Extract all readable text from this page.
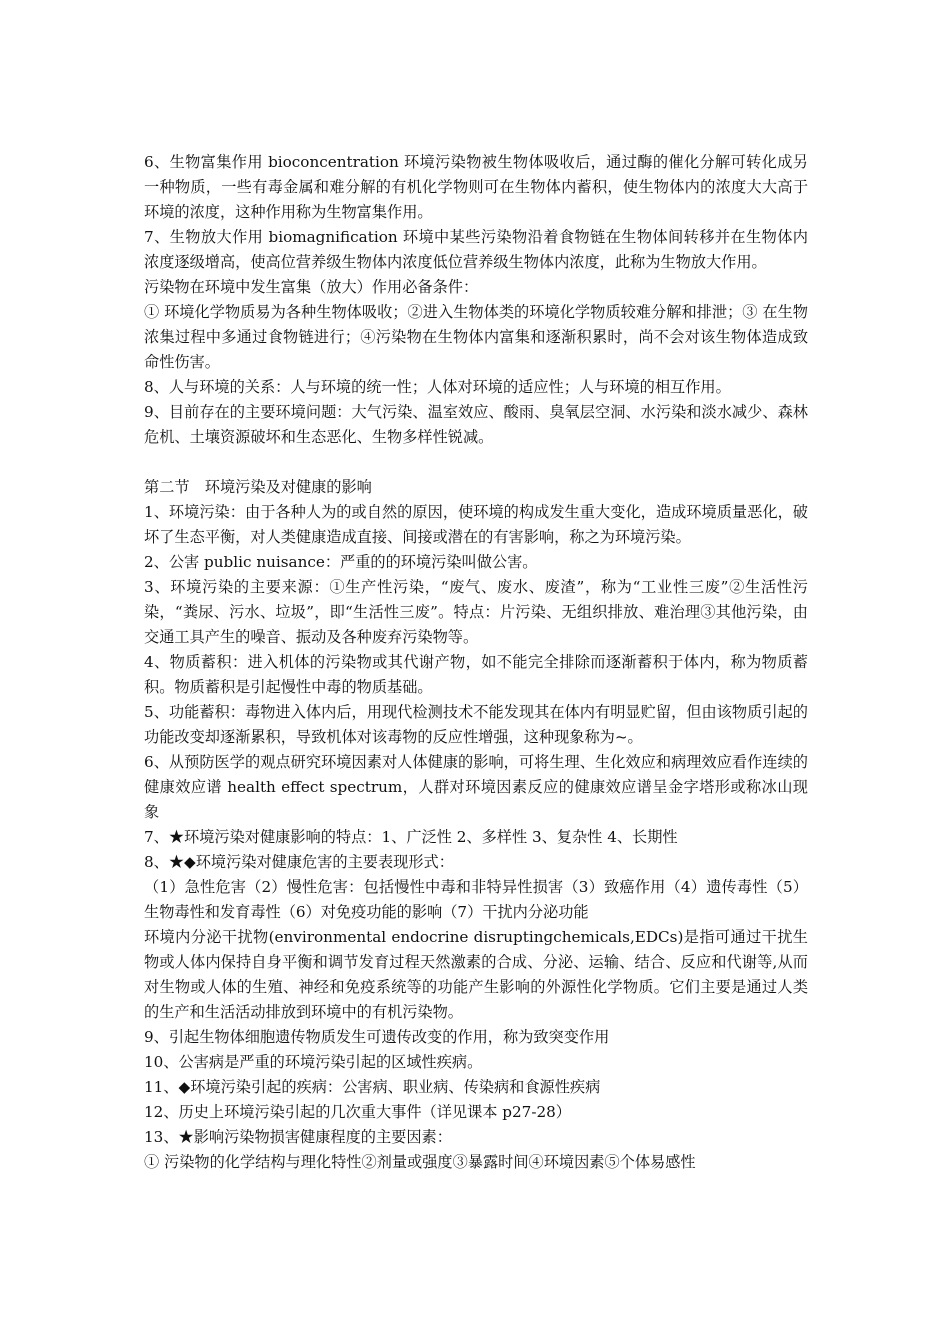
6、生物富集作用 bioconcentration 环境污染物被生物体吸收后，通过酶的催化分解可转化成另一种物质，一些有毒金属和难分解的有机化学物则可在生物体内蓄积，使生物体内的浓度大大高于环境的浓度，这种作用称为生物富集作用。

7、生物放大作用 biomagnification 环境中某些污染物沿着食物链在生物体间转移并在生物体内浓度逐级增高，使高位营养级生物体内浓度低位营养级生物体内浓度，此称为生物放大作用。

污染物在环境中发生富集（放大）作用必备条件：

① 环境化学物质易为各种生物体吸收；②进入生物体类的环境化学物质较难分解和排泄；③ 在生物浓集过程中多通过食物链进行；④污染物在生物体内富集和逐渐积累时，尚不会对该生物体造成致命性伤害。

8、人与环境的关系：人与环境的统一性；人体对环境的适应性；人与环境的相互作用。

9、目前存在的主要环境问题：大气污染、温室效应、酸雨、臭氧层空洞、水污染和淡水减少、森林危机、土壤资源破坏和生态恶化、生物多样性锐减。

第二节　环境污染及对健康的影响

1、环境污染：由于各种人为的或自然的原因，使环境的构成发生重大变化，造成环境质量恶化，破坏了生态平衡，对人类健康造成直接、间接或潜在的有害影响，称之为环境污染。

2、公害 public nuisance：严重的的环境污染叫做公害。

3、环境污染的主要来源：①生产性污染，“废气、废水、废渣”，称为“工业性三废”②生活性污染，“粪尿、污水、垃圾”，即“生活性三废”。特点：片污染、无组织排放、难治理③其他污染，由交通工具产生的噪音、振动及各种废弃污染物等。

4、物质蓄积：进入机体的污染物或其代谢产物，如不能完全排除而逐渐蓄积于体内，称为物质蓄积。物质蓄积是引起慢性中毒的物质基础。

5、功能蓄积：毒物进入体内后，用现代检测技术不能发现其在体内有明显贮留，但由该物质引起的功能改变却逐渐累积，导致机体对该毒物的反应性增强，这种现象称为~。

6、从预防医学的观点研究环境因素对人体健康的影响，可将生理、生化效应和病理效应看作连续的健康效应谱 health effect spectrum，人群对环境因素反应的健康效应谱呈金字塔形或称冰山现象

7、★环境污染对健康影响的特点：1、广泛性 2、多样性 3、复杂性 4、长期性

8、★◆环境污染对健康危害的主要表现形式：

（1）急性危害（2）慢性危害：包括慢性中毒和非特异性损害（3）致癌作用（4）遗传毒性（5）生物毒性和发育毒性（6）对免疫功能的影响（7）干扰内分泌功能

环境内分泌干扰物(environmental endocrine disruptingchemicals,EDCs)是指可通过干扰生物或人体内保持自身平衡和调节发育过程天然激素的合成、分泌、运输、结合、反应和代谢等,从而对生物或人体的生殖、神经和免疫系统等的功能产生影响的外源性化学物质。它们主要是通过人类的生产和生活活动排放到环境中的有机污染物。

9、引起生物体细胞遗传物质发生可遗传改变的作用，称为致突变作用

10、公害病是严重的环境污染引起的区域性疾病。

11、◆环境污染引起的疾病：公害病、职业病、传染病和食源性疾病

12、历史上环境污染引起的几次重大事件（详见课本 p27-28）

13、★影响污染物损害健康程度的主要因素：

① 污染物的化学结构与理化特性②剂量或强度③暴露时间④环境因素⑤个体易感性
